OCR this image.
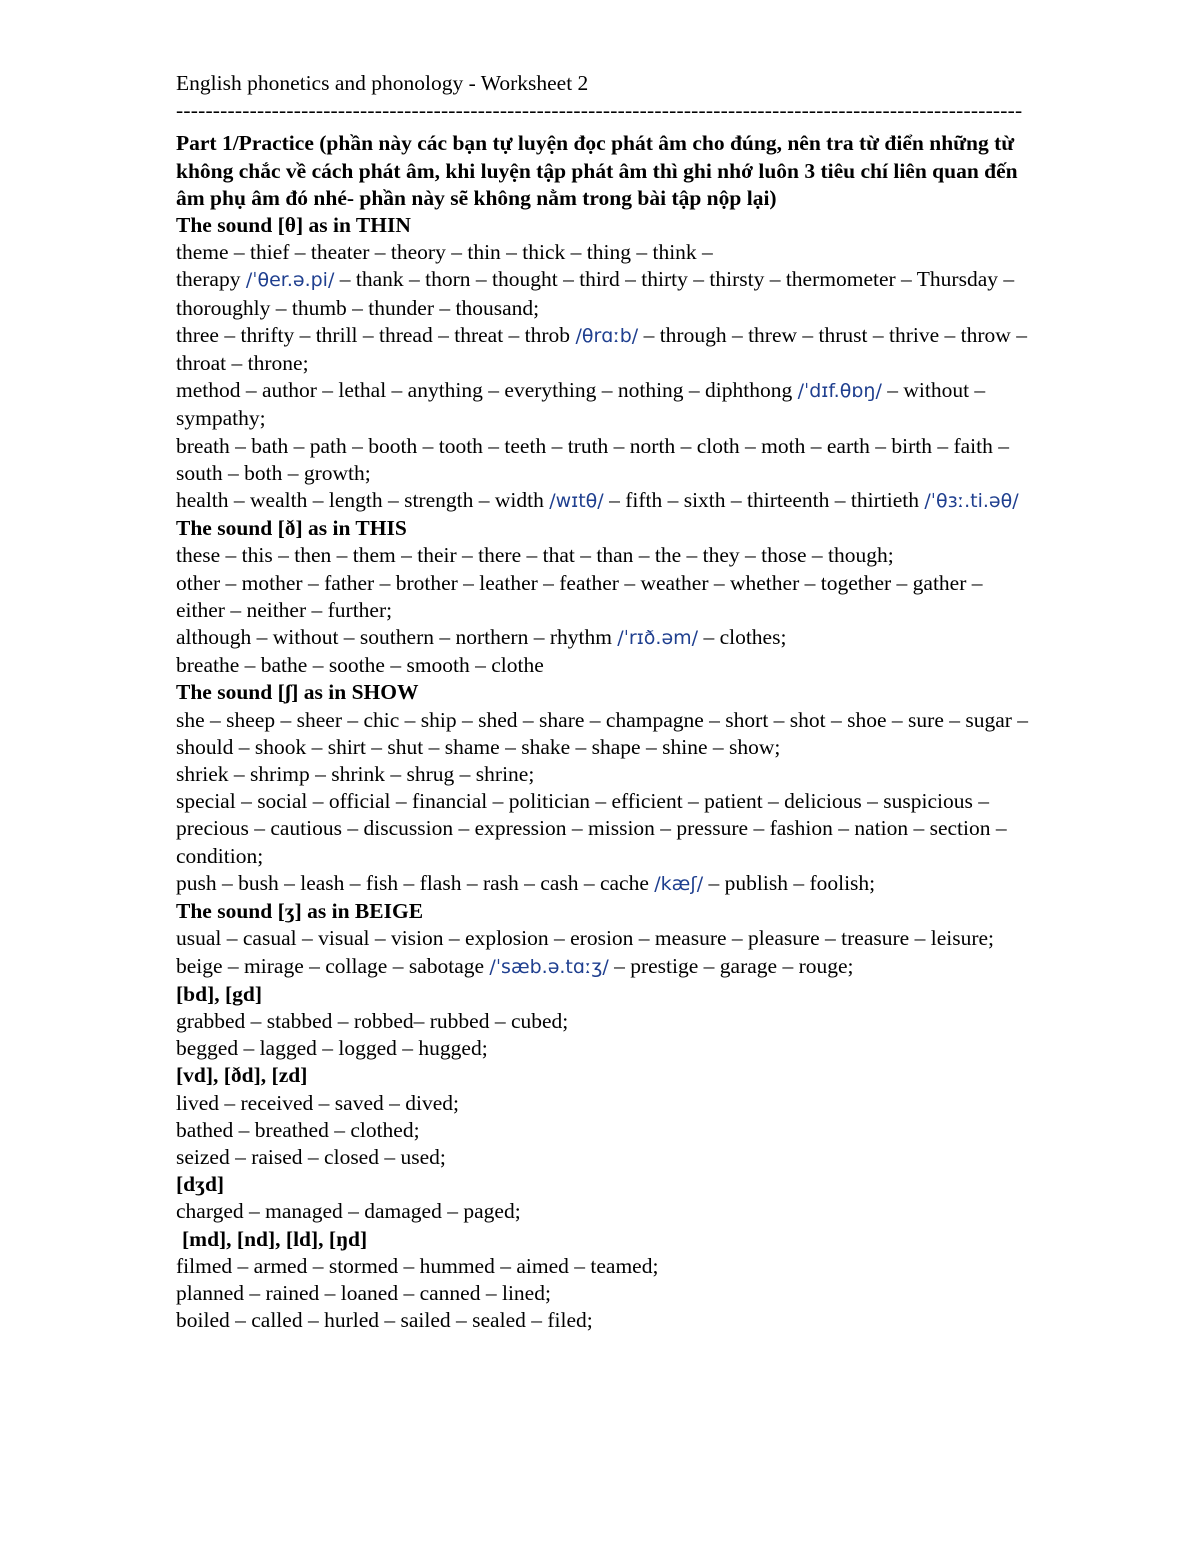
English phonetics and phonology - Worksheet 2

-------------------------------------------------------------------------------------------------------------------

Part 1/Practice (phần này các bạn tự luyện đọc phát âm cho đúng, nên tra từ điển những từ không chắc về cách phát âm, khi luyện tập phát âm thì ghi nhớ luôn 3 tiêu chí liên quan đến âm phụ âm đó nhé- phần này sẽ không nằm trong bài tập nộp lại)

The sound [θ] as in THIN

theme – thief – theater – theory – thin – thick – thing – think –

therapy /ˈθer.ə.pi/ – thank – thorn – thought – third – thirty – thirsty – thermometer – Thursday – thoroughly – thumb – thunder – thousand;

three – thrifty – thrill – thread – threat – throb /θrɑːb/ – through – threw – thrust – thrive – throw – throat – throne;

method – author – lethal – anything – everything – nothing – diphthong /ˈdɪf.θɒŋ/ – without – sympathy;

breath – bath – path – booth – tooth – teeth – truth – north – cloth – moth – earth – birth – faith – south – both – growth;

health – wealth – length – strength – width /wɪtθ/ – fifth – sixth – thirteenth – thirtieth /ˈθɜː.ti.əθ/

The sound [ð] as in THIS

these – this – then – them – their – there – that – than – the – they – those – though;

other – mother – father – brother – leather – feather – weather – whether – together – gather – either – neither – further;

although – without – southern – northern – rhythm /ˈrɪð.əm/ – clothes;

breathe – bathe – soothe – smooth – clothe

The sound [ʃ] as in SHOW

she – sheep – sheer – chic – ship – shed – share – champagne – short – shot – shoe – sure – sugar – should – shook – shirt – shut – shame – shake – shape – shine – show;

shriek – shrimp – shrink – shrug – shrine;

special – social – official – financial – politician – efficient – patient – delicious – suspicious – precious – cautious – discussion – expression – mission – pressure – fashion – nation – section – condition;

push – bush – leash – fish – flash – rash – cash – cache /kæʃ/ – publish – foolish;

The sound [ʒ] as in BEIGE

usual – casual – visual – vision – explosion – erosion – measure – pleasure – treasure – leisure;

beige – mirage – collage – sabotage /ˈsæb.ə.tɑːʒ/ – prestige – garage – rouge;

[bd], [gd]

grabbed – stabbed – robbed– rubbed – cubed;

begged – lagged – logged – hugged;

[vd], [ðd], [zd]

lived – received – saved – dived;

bathed – breathed – clothed;

seized – raised – closed – used;

[dʒd]

charged – managed – damaged – paged;

[md], [nd], [ld], [ŋd]

filmed – armed – stormed – hummed – aimed – teamed;

planned – rained – loaned – canned – lined;

boiled – called – hurled – sailed – sealed – filed;
